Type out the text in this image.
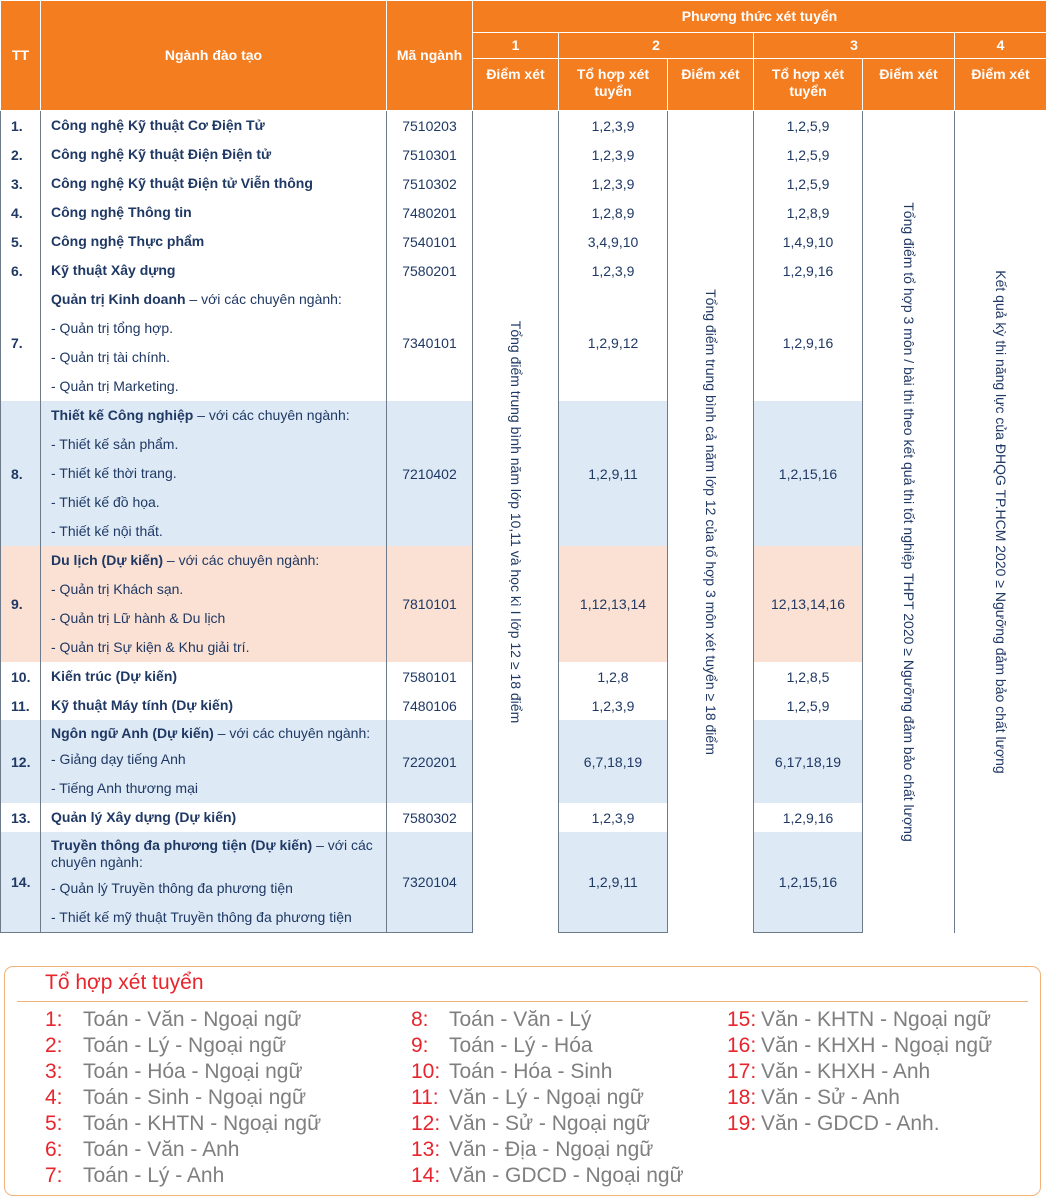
TT	Ngành đào tạo	Mã ngành	Phương thức xét tuyển					
			1	2		3		4
			Điểm xét	Tổ hợp xét tuyển	Điểm xét	Tổ hợp xét tuyển	Điểm xét	Điểm xét
1.	Công nghệ Kỹ thuật Cơ Điện Tử	7510203	Tổng điểm trung bình năm lớp 10,11 và học kì I lớp 12 ≥ 18 điểm	1,2,3,9	Tổng điểm trung bình cả năm lớp 12 của tổ hợp 3 môn xét tuyển ≥ 18 điểm	1,2,5,9	Tổng điểm tổ hợp 3 môn / bài thi theo kết quả thi tốt nghiệp THPT 2020 ≥ Ngưỡng đảm bảo chất lượng	Kết quả kỳ thi năng lực của ĐHQG TP.HCM 2020 ≥ Ngưỡng đảm bảo chất lượng

2.	Công nghệ Kỹ thuật Điện Điện tử	7510301		1,2,3,9		1,2,5,9		
3.	Công nghệ Kỹ thuật Điện tử Viễn thông	7510302		1,2,3,9		1,2,5,9		
4.	Công nghệ Thông tin	7480201		1,2,8,9		1,2,8,9		
5.	Công nghệ Thực phẩm	7540101		3,4,9,10		1,4,9,10		
6.	Kỹ thuật Xây dựng	7580201		1,2,3,9		1,2,9,16		
7.	Quản trị Kinh doanh – với các chuyên ngành:
- Quản trị tổng hợp.
- Quản trị tài chính.
- Quản trị Marketing.	7340101		1,2,9,12		1,2,9,16		
8.	Thiết kế Công nghiệp – với các chuyên ngành:
- Thiết kế sản phẩm.
- Thiết kế thời trang.
- Thiết kế đồ họa.
- Thiết kế nội thất.	7210402		1,2,9,11		1,2,15,16		
9.	Du lịch (Dự kiến) – với các chuyên ngành:
- Quản trị Khách sạn.
- Quản trị Lữ hành & Du lịch
- Quản trị Sự kiện & Khu giải trí.	7810101		1,12,13,14		12,13,14,16		
10.	Kiến trúc (Dự kiến)	7580101		1,2,8		1,2,8,5		
11.	Kỹ thuật Máy tính (Dự kiến)	7480106		1,2,3,9		1,2,5,9		
12.	Ngôn ngữ Anh (Dự kiến) – với các chuyên ngành:
- Giảng dạy tiếng Anh
- Tiếng Anh thương mại	7220201		6,7,18,19		6,17,18,19		
13.	Quản lý Xây dựng (Dự kiến)	7580302		1,2,3,9		1,2,9,16		
14.	Truyền thông đa phương tiện (Dự kiến) – với các chuyên ngành:
- Quản lý Truyền thông đa phương tiện
- Thiết kế mỹ thuật Truyền thông đa phương tiện	7320104		1,2,9,11		1,2,15,16		
Tổ hợp xét tuyển
1: Toán - Văn - Ngoại ngữ
2: Toán - Lý - Ngoại ngữ
3: Toán - Hóa - Ngoại ngữ
4: Toán - Sinh - Ngoại ngữ
5: Toán - KHTN - Ngoại ngữ
6: Toán - Văn - Anh
7: Toán - Lý - Anh
8: Toán - Văn - Lý
9: Toán - Lý - Hóa
10: Toán - Hóa - Sinh
11: Văn - Lý - Ngoại ngữ
12: Văn - Sử - Ngoại ngữ
13: Văn - Địa - Ngoại ngữ
14: Văn - GDCD - Ngoại ngữ
15: Văn - KHTN - Ngoại ngữ
16: Văn - KHXH - Ngoại ngữ
17: Văn - KHXH - Anh
18: Văn - Sử - Anh
19: Văn - GDCD - Anh.
